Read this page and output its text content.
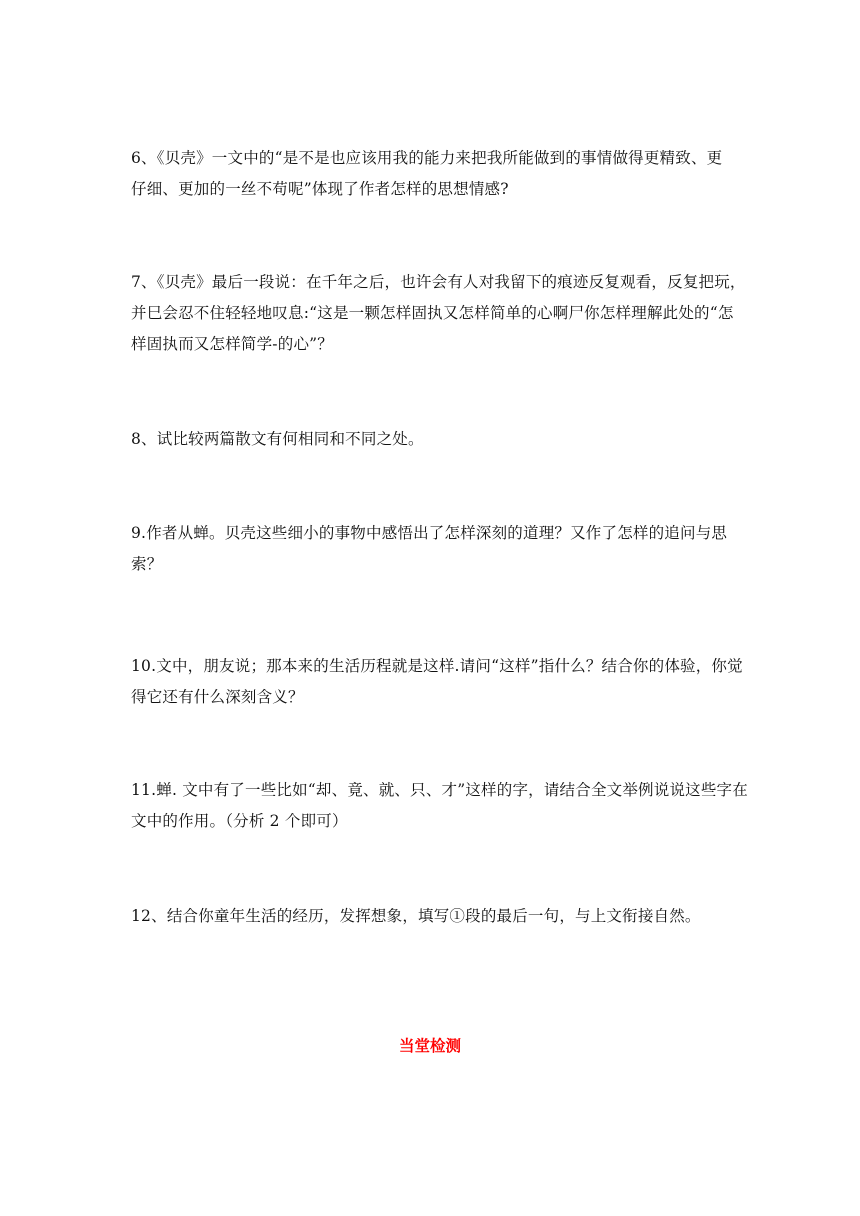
6、《贝壳》一文中的“是不是也应该用我的能力来把我所能做到的事情做得更精致、更

仔细、更加的一丝不苟呢”体现了作者怎样的思想情感?

7、《贝壳》最后一段说：在千年之后，也许会有人对我留下的痕迹反复观看，反复把玩，

并巳会忍不住轻轻地叹息:“这是一颗怎样固执又怎样简单的心啊尸你怎样理解此处的“怎

样固执而又怎样简学-的心”？

8、试比较两篇散文有何相同和不同之处。

9.作者从蝉。贝壳这些细小的事物中感悟出了怎样深刻的道理？又作了怎样的追问与思

索？

10.文中，朋友说；那本来的生活历程就是这样.请问“这样”指什么？结合你的体验，你觉

得它还有什么深刻含义？

11.蝉. 文中有了一些比如“却、竟、就、只、才”这样的字，请结合全文举例说说这些字在

文中的作用。（分析 2 个即可）

12、结合你童年生活的经历，发挥想象，填写①段的最后一句，与上文衔接自然。

当堂检测
